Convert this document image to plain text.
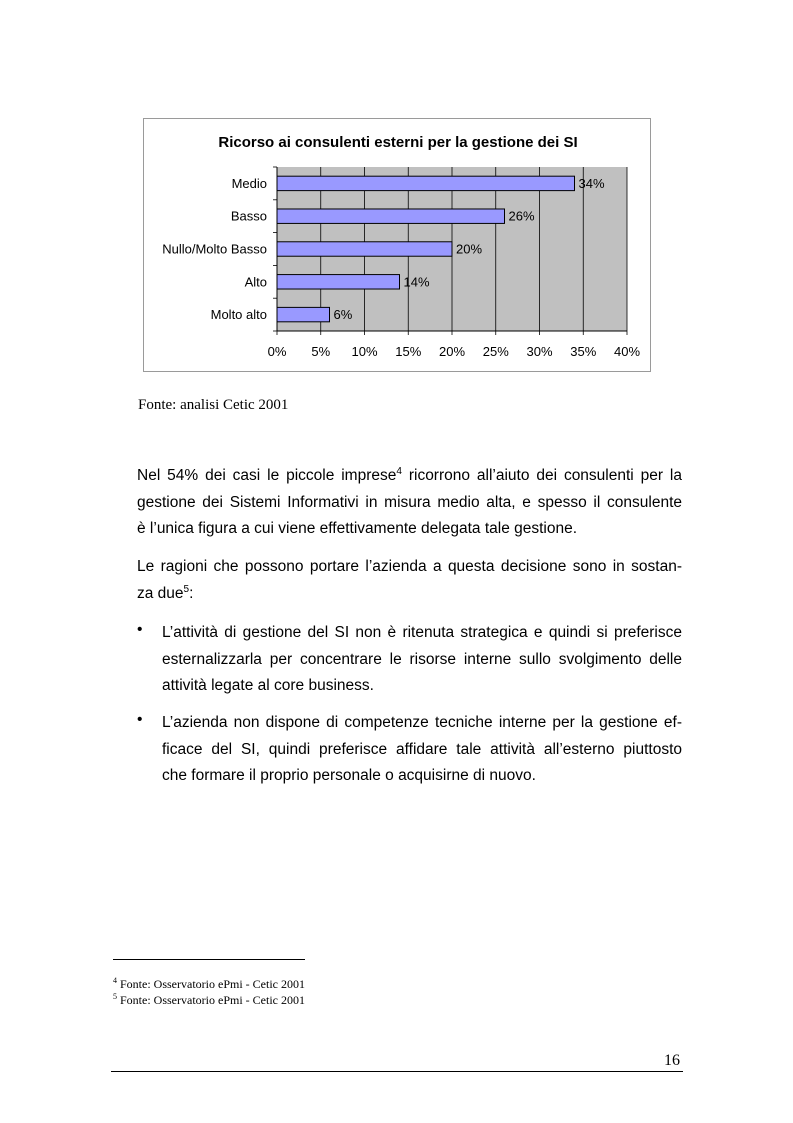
Ricorso ai consulenti esterni per la gestione dei SI
0% 5% 10% 15% 20% 25% 30% 35% 40%
Medio	34%
Basso	26%
Nullo/Molto Basso	20%
Alto	14%
Molto alto	6%
Fonte: analisi Cetic 2001
Nel 54% dei casi le piccole imprese$^4$ ricorrono all’aiuto dei consulenti per la
gestione dei Sistemi Informativi in misura medio alta, e spesso il consulente
è l’unica figura a cui viene effettivamente delegata tale gestione.
Le ragioni che possono portare l’azienda a questa decisione sono in sostan-
za due$^5$:
• L’attività di gestione del SI non è ritenuta strategica e quindi si preferisce
esternalizzarla per concentrare le risorse interne sullo svolgimento delle
attività legate al core business.
• L’azienda non dispone di competenze tecniche interne per la gestione ef-
ficace del SI, quindi preferisce affidare tale attività all’esterno piuttosto
che formare il proprio personale o acquisirne di nuovo.
$^4$ Fonte: Osservatorio ePmi - Cetic 2001
$^5$ Fonte: Osservatorio ePmi - Cetic 2001
16
